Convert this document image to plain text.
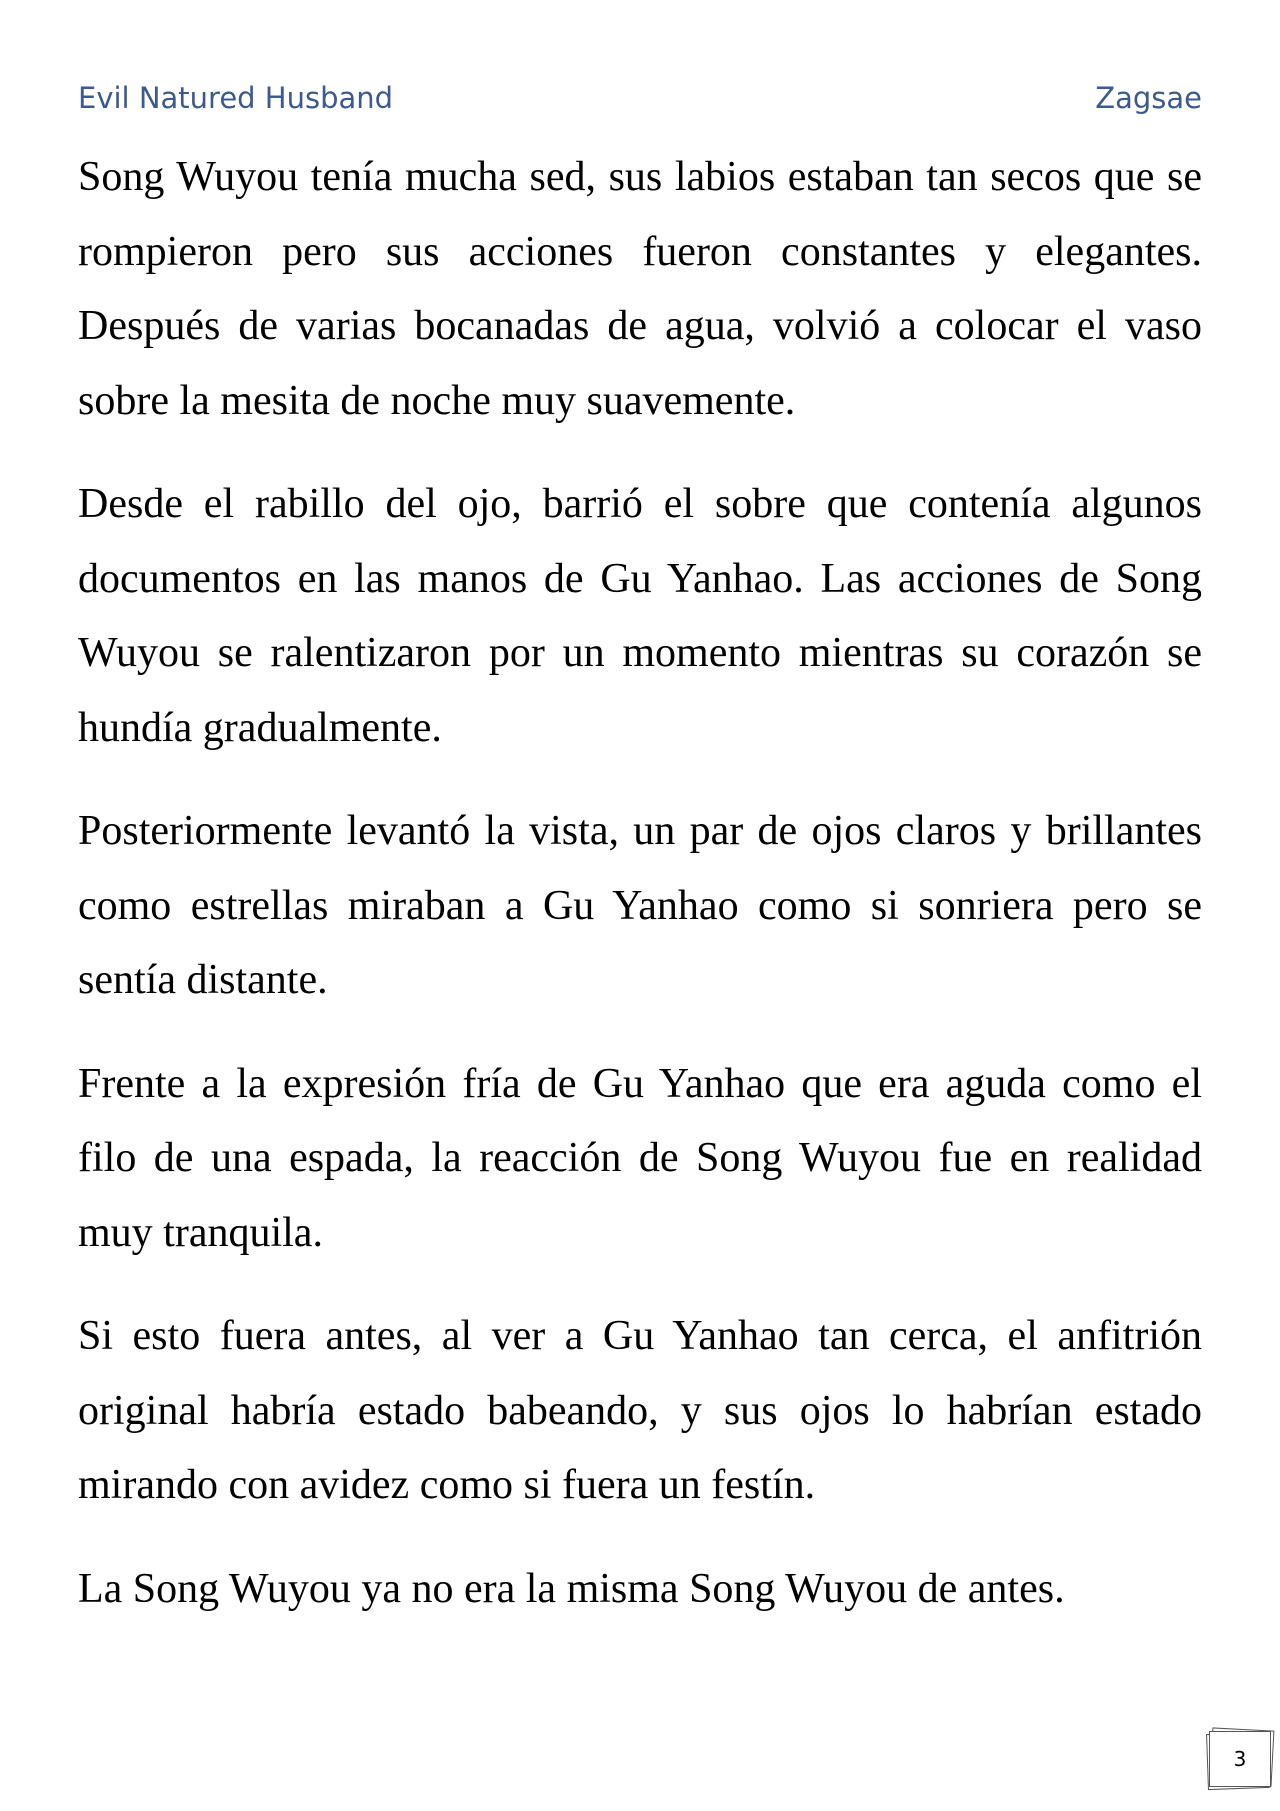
Evil Natured Husband	Zagsae

Song Wuyou tenía mucha sed, sus labios estaban tan secos que se rompieron pero sus acciones fueron constantes y elegantes. Después de varias bocanadas de agua, volvió a colocar el vaso sobre la mesita de noche muy suavemente.

Desde el rabillo del ojo, barrió el sobre que contenía algunos documentos en las manos de Gu Yanhao. Las acciones de Song Wuyou se ralentizaron por un momento mientras su corazón se hundía gradualmente.

Posteriormente levantó la vista, un par de ojos claros y brillantes como estrellas miraban a Gu Yanhao como si sonriera pero se sentía distante.

Frente a la expresión fría de Gu Yanhao que era aguda como el filo de una espada, la reacción de Song Wuyou fue en realidad muy tranquila.

Si esto fuera antes, al ver a Gu Yanhao tan cerca, el anfitrión original habría estado babeando, y sus ojos lo habrían estado mirando con avidez como si fuera un festín.

La Song Wuyou ya no era la misma Song Wuyou de antes.

3
